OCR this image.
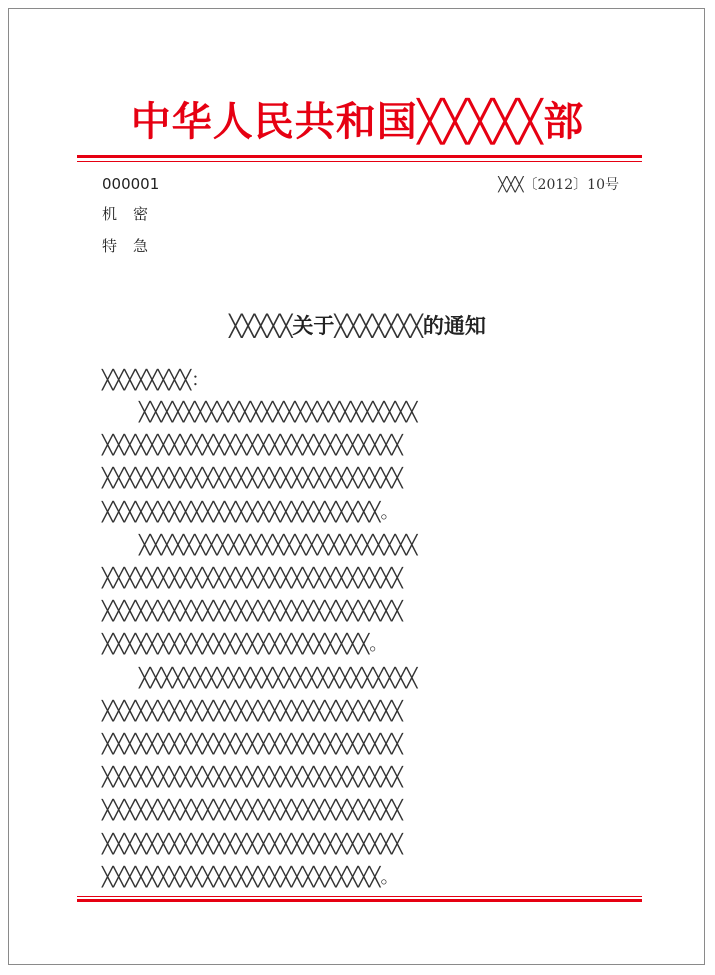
中华人民共和国╳╳╳╳╳部
000001
机密
特急
╳╳╳〔2012〕10号
╳╳╳╳╳关于╳╳╳╳╳╳╳的通知
╳╳╳╳╳╳╳╳：

　　╳╳╳╳╳╳╳╳╳╳╳╳╳╳╳╳╳╳╳╳╳╳╳╳╳
╳╳╳╳╳╳╳╳╳╳╳╳╳╳╳╳╳╳╳╳╳╳╳╳╳╳╳
╳╳╳╳╳╳╳╳╳╳╳╳╳╳╳╳╳╳╳╳╳╳╳╳╳╳╳
╳╳╳╳╳╳╳╳╳╳╳╳╳╳╳╳╳╳╳╳╳╳╳╳╳。

　　╳╳╳╳╳╳╳╳╳╳╳╳╳╳╳╳╳╳╳╳╳╳╳╳╳
╳╳╳╳╳╳╳╳╳╳╳╳╳╳╳╳╳╳╳╳╳╳╳╳╳╳╳
╳╳╳╳╳╳╳╳╳╳╳╳╳╳╳╳╳╳╳╳╳╳╳╳╳╳╳
╳╳╳╳╳╳╳╳╳╳╳╳╳╳╳╳╳╳╳╳╳╳╳╳。

　　╳╳╳╳╳╳╳╳╳╳╳╳╳╳╳╳╳╳╳╳╳╳╳╳╳
╳╳╳╳╳╳╳╳╳╳╳╳╳╳╳╳╳╳╳╳╳╳╳╳╳╳╳
╳╳╳╳╳╳╳╳╳╳╳╳╳╳╳╳╳╳╳╳╳╳╳╳╳╳╳
╳╳╳╳╳╳╳╳╳╳╳╳╳╳╳╳╳╳╳╳╳╳╳╳╳╳╳
╳╳╳╳╳╳╳╳╳╳╳╳╳╳╳╳╳╳╳╳╳╳╳╳╳╳╳
╳╳╳╳╳╳╳╳╳╳╳╳╳╳╳╳╳╳╳╳╳╳╳╳╳╳╳
╳╳╳╳╳╳╳╳╳╳╳╳╳╳╳╳╳╳╳╳╳╳╳╳╳。
